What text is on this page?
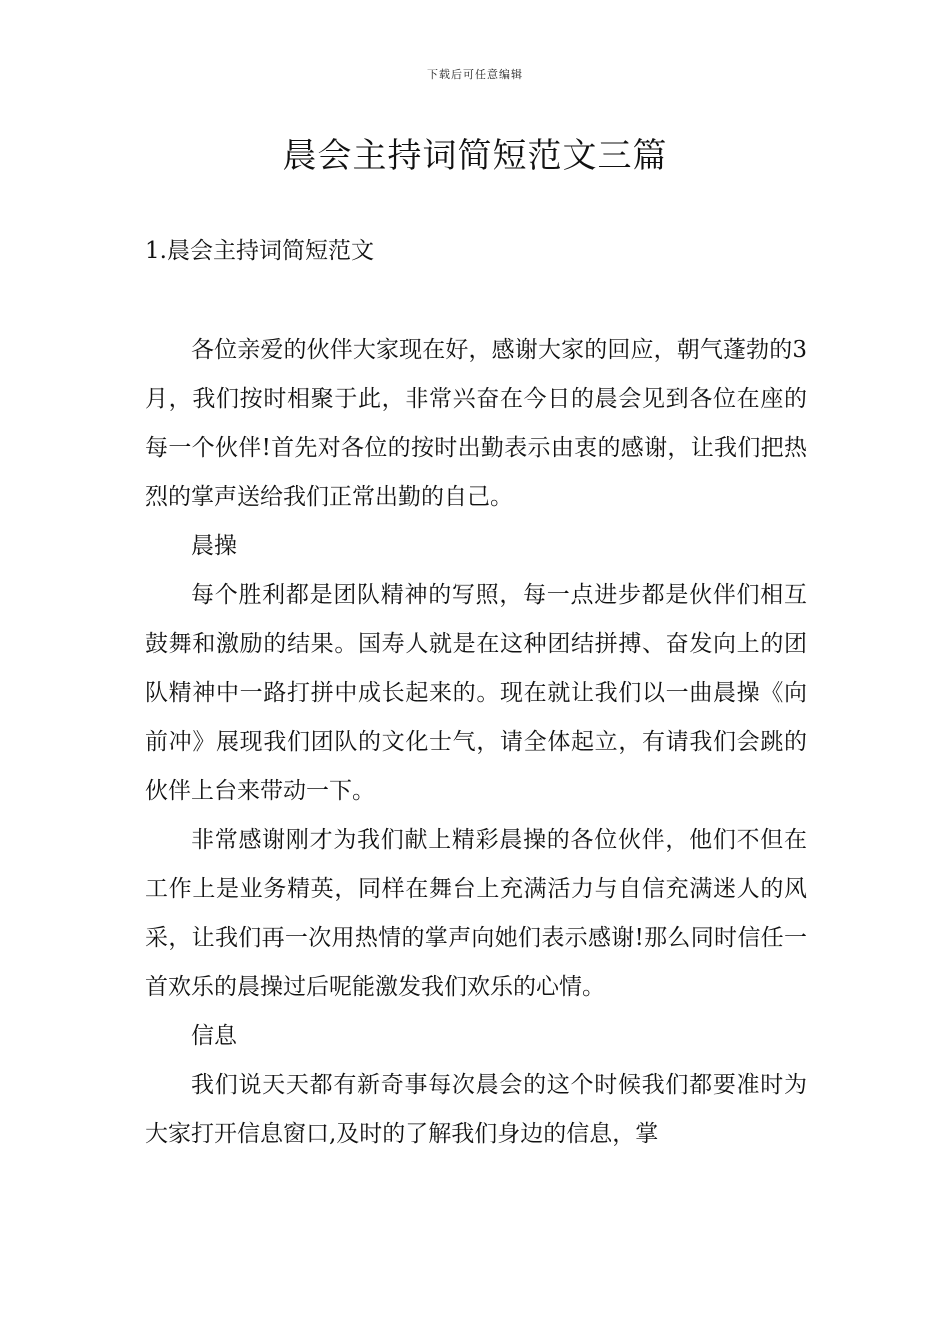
下载后可任意编辑
晨会主持词简短范文三篇
1.晨会主持词简短范文

各位亲爱的伙伴大家现在好，感谢大家的回应，朝气蓬勃的3月，我们按时相聚于此，非常兴奋在今日的晨会见到各位在座的每一个伙伴!首先对各位的按时出勤表示由衷的感谢，让我们把热烈的掌声送给我们正常出勤的自己。

晨操

每个胜利都是团队精神的写照，每一点进步都是伙伴们相互鼓舞和激励的结果。国寿人就是在这种团结拼搏、奋发向上的团队精神中一路打拼中成长起来的。现在就让我们以一曲晨操《向前冲》展现我们团队的文化士气，请全体起立，有请我们会跳的伙伴上台来带动一下。

非常感谢刚才为我们献上精彩晨操的各位伙伴，他们不但在工作上是业务精英，同样在舞台上充满活力与自信充满迷人的风采，让我们再一次用热情的掌声向她们表示感谢!那么同时信任一首欢乐的晨操过后呢能激发我们欢乐的心情。

信息

我们说天天都有新奇事每次晨会的这个时候我们都要准时为大家打开信息窗口,及时的了解我们身边的信息，掌
